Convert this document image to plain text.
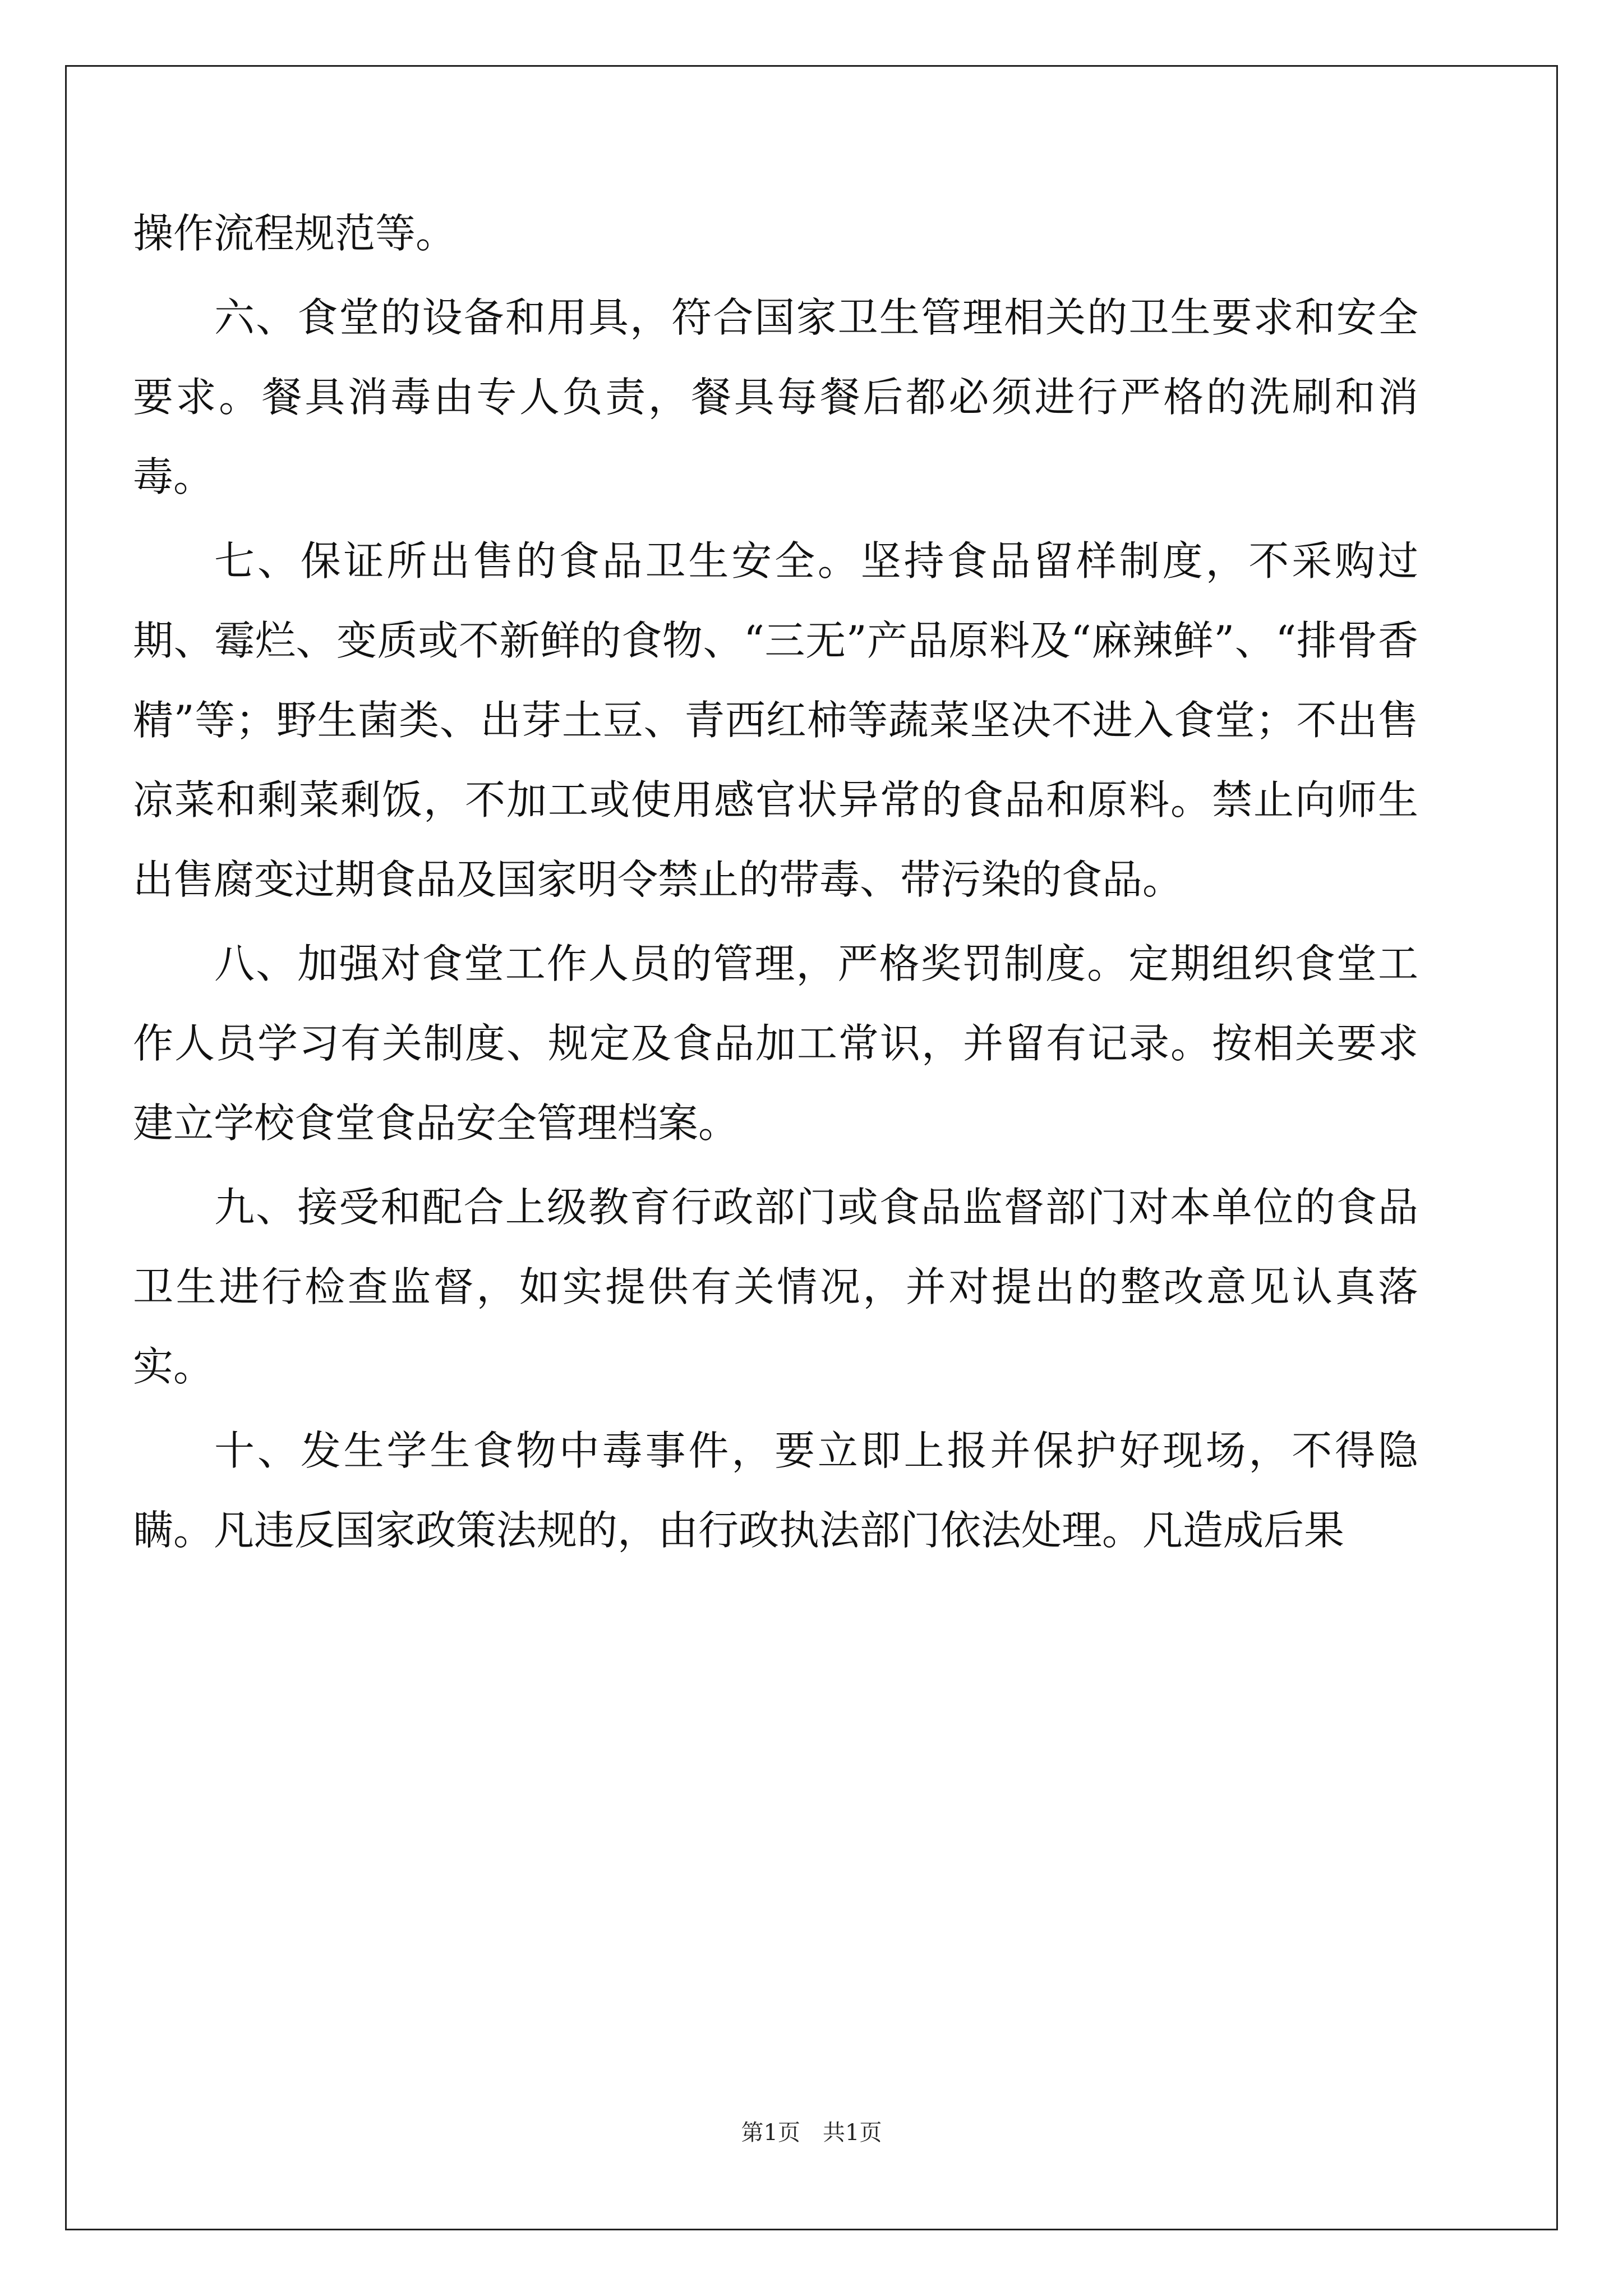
操作流程规范等。

六、食堂的设备和用具，符合国家卫生管理相关的卫生要求和安全要求。餐具消毒由专人负责，餐具每餐后都必须进行严格的洗刷和消毒。

七、保证所出售的食品卫生安全。坚持食品留样制度，不采购过期、霉烂、变质或不新鲜的食物、“三无”产品原料及“麻辣鲜”、“排骨香精”等；野生菌类、出芽土豆、青西红柿等蔬菜坚决不进入食堂；不出售凉菜和剩菜剩饭，不加工或使用感官状异常的食品和原料。禁止向师生出售腐变过期食品及国家明令禁止的带毒、带污染的食品。

八、加强对食堂工作人员的管理，严格奖罚制度。定期组织食堂工作人员学习有关制度、规定及食品加工常识，并留有记录。按相关要求建立学校食堂食品安全管理档案。

九、接受和配合上级教育行政部门或食品监督部门对本单位的食品卫生进行检查监督，如实提供有关情况，并对提出的整改意见认真落实。

十、发生学生食物中毒事件，要立即上报并保护好现场，不得隐瞒。凡违反国家政策法规的，由行政执法部门依法处理。凡造成后果

第1页　共1页
